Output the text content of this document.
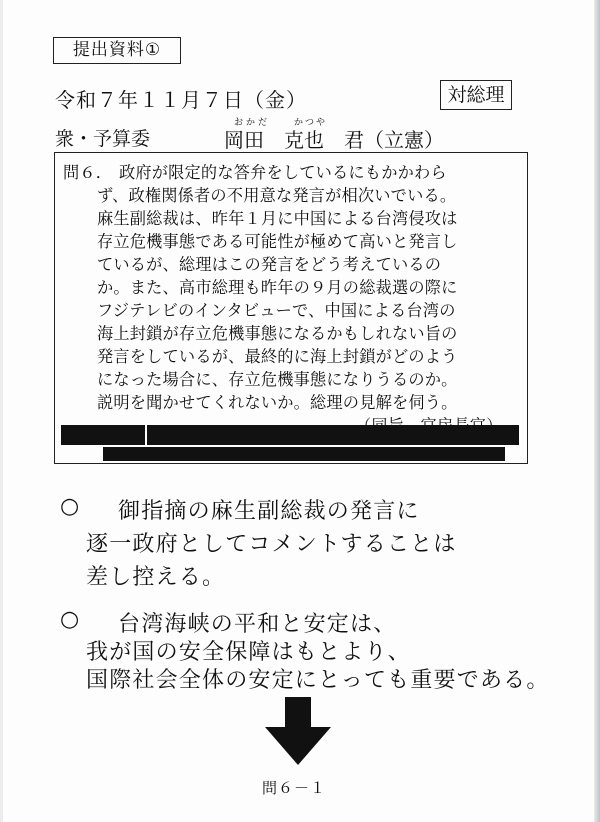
提出資料①
令和７年１１月７日（金）	対総理
衆・予算委
おかだ	かつや
岡田　克也　君（立憲）
問６． 政府が限定的な答弁をしているにもかかわら
ず、政権関係者の不用意な発言が相次いでいる。
麻生副総裁は、昨年１月に中国による台湾侵攻は
存立危機事態である可能性が極めて高いと発言し
ているが、総理はこの発言をどう考えているの
か。また、高市総理も昨年の９月の総裁選の際に
フジテレビのインタビューで、中国による台湾の
海上封鎖が存立危機事態になるかもしれない旨の
発言をしているが、最終的に海上封鎖がどのよう
になった場合に、存立危機事態になりうるのか。
説明を聞かせてくれないか。総理の見解を伺う。
○ 御指摘の麻生副総裁の発言に
逐一政府としてコメントすることは
差し控える。
○ 台湾海峡の平和と安定は、
我が国の安全保障はもとより、
国際社会全体の安定にとっても重要である。
問６－１
